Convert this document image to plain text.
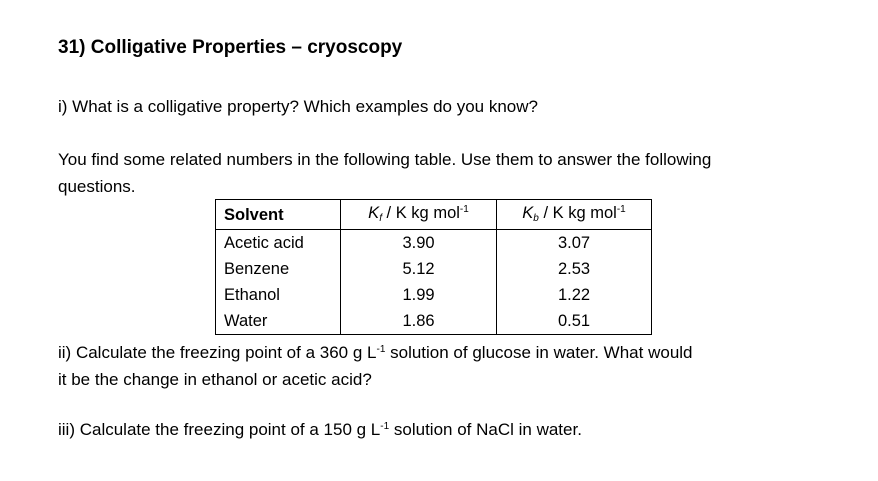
31) Colligative Properties – cryoscopy
i) What is a colligative property? Which examples do you know?
You find some related numbers in the following table. Use them to answer the following
questions.
Solvent	Kf / K kg mol$^{-1}$	Kb / K kg mol$^{-1}$
Acetic acid	3.90	3.07
Benzene	5.12	2.53
Ethanol	1.99	1.22
Water	1.86	0.51
ii) Calculate the freezing point of a 360 g $L^{-1}$ solution of glucose in water. What would
it be the change in ethanol or acetic acid?
iii) Calculate the freezing point of a 150 g $L^{-1}$ solution of NaCl in water.
